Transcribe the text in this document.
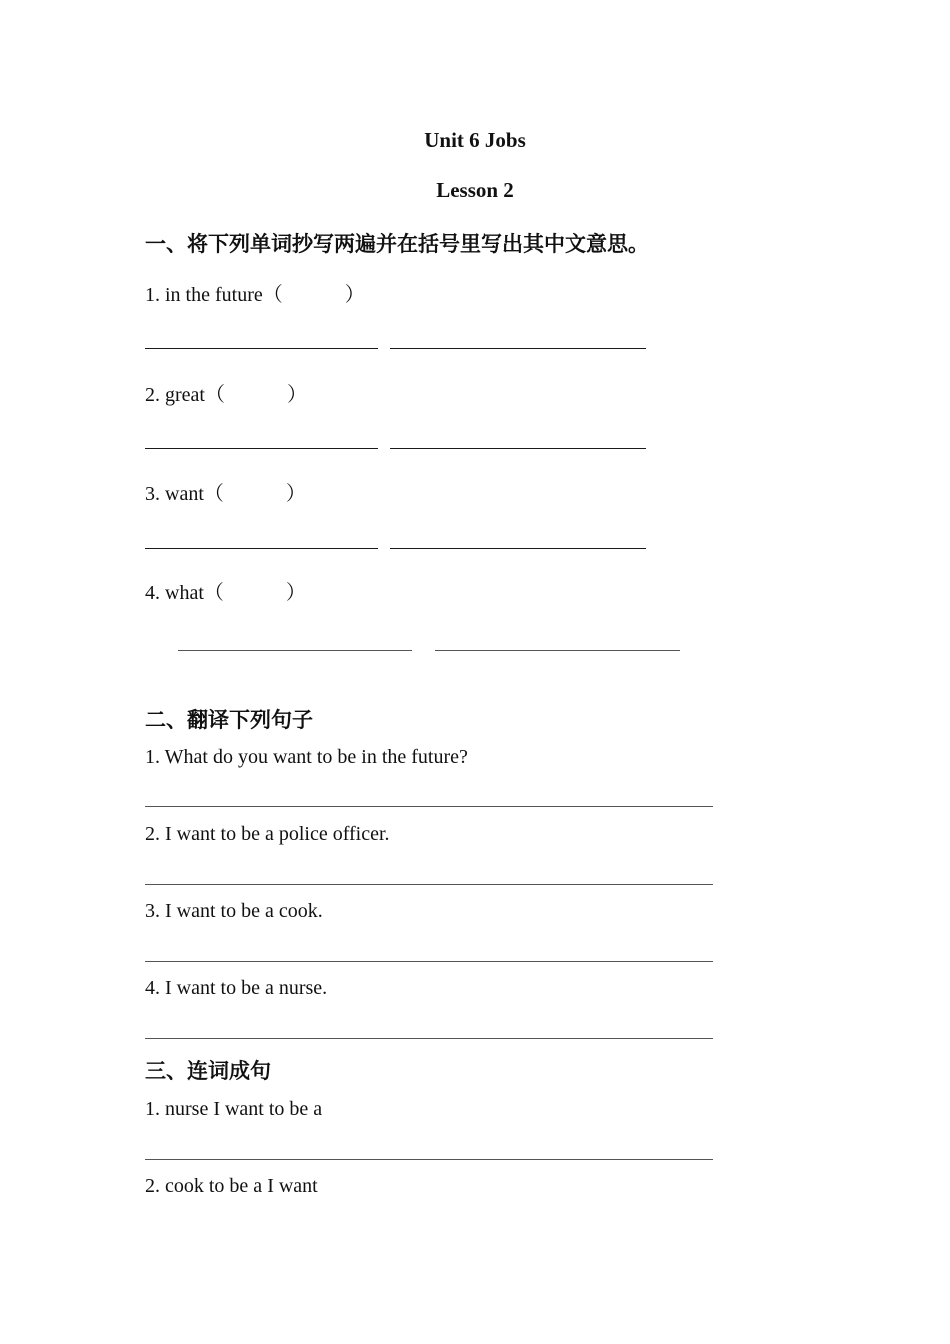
Unit 6 Jobs
Lesson 2
一、将下列单词抄写两遍并在括号里写出其中文意思。
1. in the future（	）
2. great（	）
3. want（	）
4. what（	）
二、翻译下列句子
1. What do you want to be in the future?
2. I want to be a police officer.
3. I want to be a cook.
4. I want to be a nurse.
三、连词成句
1. nurse I want to be a
2. cook to be a I want
